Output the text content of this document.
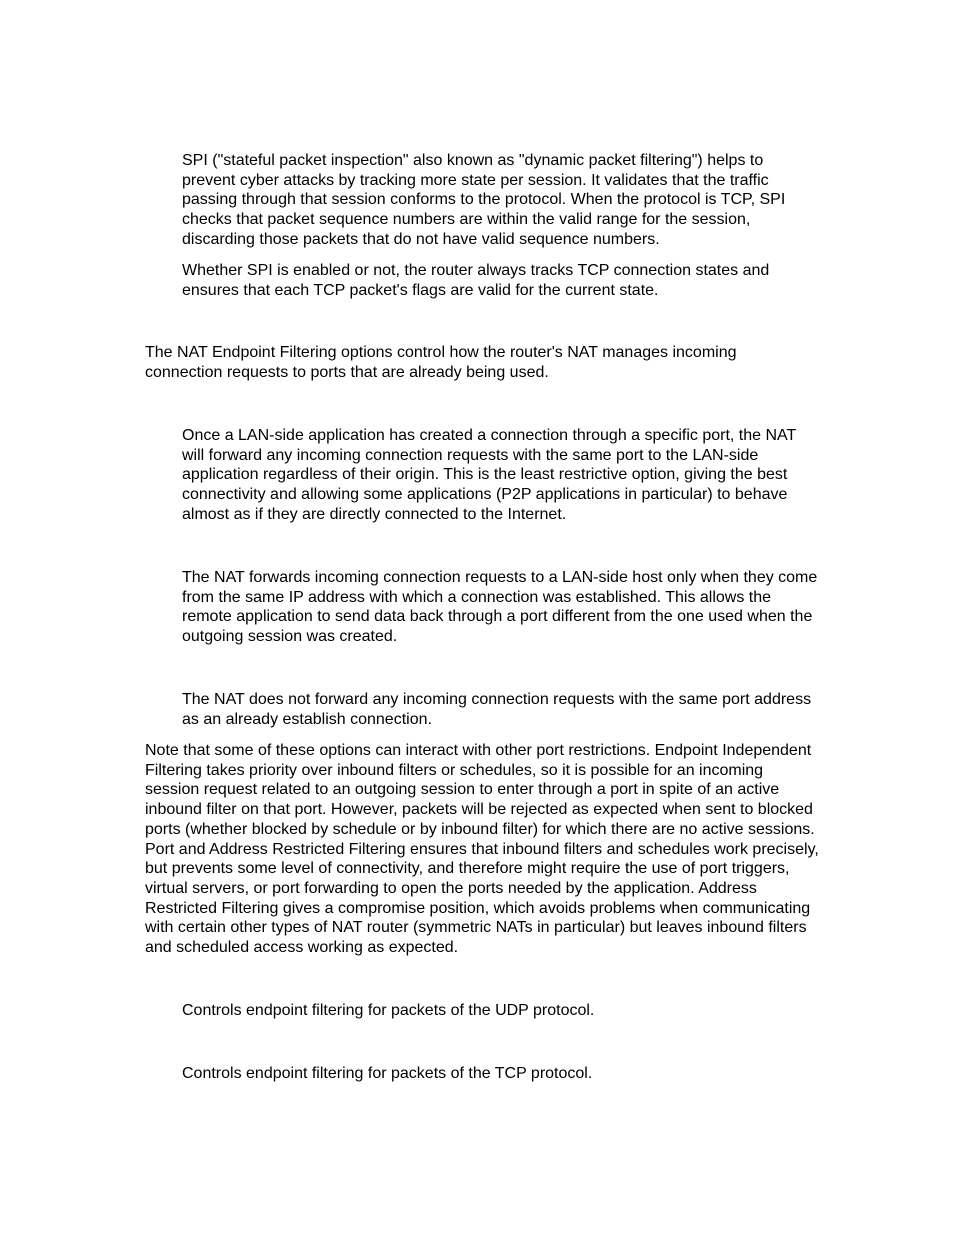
SPI ("stateful packet inspection" also known as "dynamic packet filtering") helps to
prevent cyber attacks by tracking more state per session. It validates that the traffic
passing through that session conforms to the protocol. When the protocol is TCP, SPI
checks that packet sequence numbers are within the valid range for the session,
discarding those packets that do not have valid sequence numbers.

Whether SPI is enabled or not, the router always tracks TCP connection states and
ensures that each TCP packet's flags are valid for the current state.

The NAT Endpoint Filtering options control how the router's NAT manages incoming
connection requests to ports that are already being used.

Once a LAN-side application has created a connection through a specific port, the NAT
will forward any incoming connection requests with the same port to the LAN-side
application regardless of their origin. This is the least restrictive option, giving the best
connectivity and allowing some applications (P2P applications in particular) to behave
almost as if they are directly connected to the Internet.

The NAT forwards incoming connection requests to a LAN-side host only when they come
from the same IP address with which a connection was established. This allows the
remote application to send data back through a port different from the one used when the
outgoing session was created.

The NAT does not forward any incoming connection requests with the same port address
as an already establish connection.

Note that some of these options can interact with other port restrictions. Endpoint Independent
Filtering takes priority over inbound filters or schedules, so it is possible for an incoming
session request related to an outgoing session to enter through a port in spite of an active
inbound filter on that port. However, packets will be rejected as expected when sent to blocked
ports (whether blocked by schedule or by inbound filter) for which there are no active sessions.
Port and Address Restricted Filtering ensures that inbound filters and schedules work precisely,
but prevents some level of connectivity, and therefore might require the use of port triggers,
virtual servers, or port forwarding to open the ports needed by the application. Address
Restricted Filtering gives a compromise position, which avoids problems when communicating
with certain other types of NAT router (symmetric NATs in particular) but leaves inbound filters
and scheduled access working as expected.

Controls endpoint filtering for packets of the UDP protocol.

Controls endpoint filtering for packets of the TCP protocol.
